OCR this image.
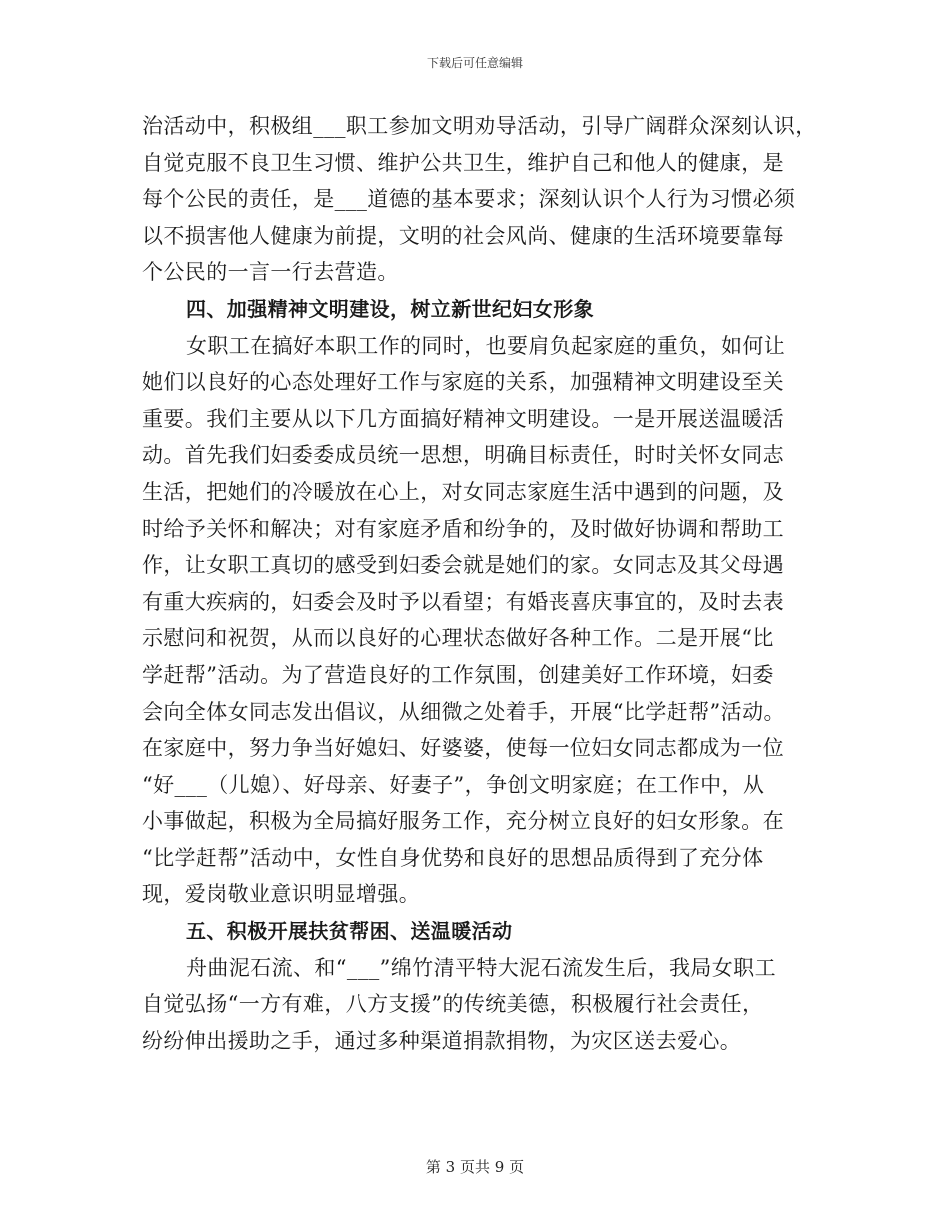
下载后可任意编辑
治活动中，积极组___职工参加文明劝导活动，引导广阔群众深刻认识，
自觉克服不良卫生习惯、维护公共卫生，维护自己和他人的健康，是
每个公民的责任，是___道德的基本要求；深刻认识个人行为习惯必须
以不损害他人健康为前提，文明的社会风尚、健康的生活环境要靠每
个公民的一言一行去营造。
四、加强精神文明建设，树立新世纪妇女形象
女职工在搞好本职工作的同时，也要肩负起家庭的重负，如何让
她们以良好的心态处理好工作与家庭的关系，加强精神文明建设至关
重要。我们主要从以下几方面搞好精神文明建设。一是开展送温暖活
动。首先我们妇委委成员统一思想，明确目标责任，时时关怀女同志
生活，把她们的冷暖放在心上，对女同志家庭生活中遇到的问题，及
时给予关怀和解决；对有家庭矛盾和纷争的，及时做好协调和帮助工
作，让女职工真切的感受到妇委会就是她们的家。女同志及其父母遇
有重大疾病的，妇委会及时予以看望；有婚丧喜庆事宜的，及时去表
示慰问和祝贺，从而以良好的心理状态做好各种工作。二是开展“比
学赶帮”活动。为了营造良好的工作氛围，创建美好工作环境，妇委
会向全体女同志发出倡议，从细微之处着手，开展“比学赶帮”活动。
在家庭中，努力争当好媳妇、好婆婆，使每一位妇女同志都成为一位
“好___（儿媳）、好母亲、好妻子”，争创文明家庭；在工作中，从
小事做起，积极为全局搞好服务工作，充分树立良好的妇女形象。在
“比学赶帮”活动中，女性自身优势和良好的思想品质得到了充分体
现，爱岗敬业意识明显增强。
五、积极开展扶贫帮困、送温暖活动
舟曲泥石流、和“___”绵竹清平特大泥石流发生后，我局女职工
自觉弘扬“一方有难，八方支援”的传统美德，积极履行社会责任，
纷纷伸出援助之手，通过多种渠道捐款捐物，为灾区送去爱心。
第 3 页共 9 页
